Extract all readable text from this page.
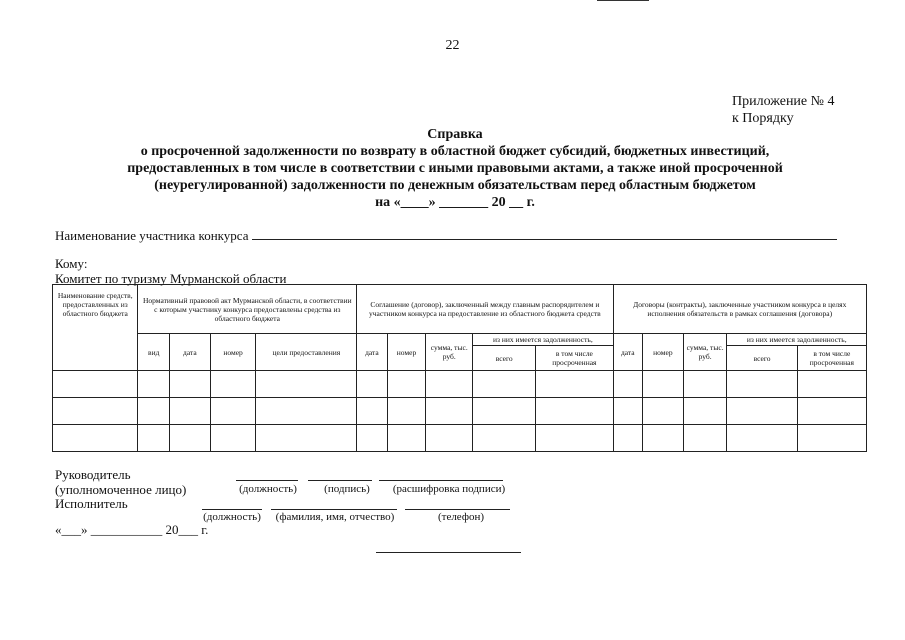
22
Приложение № 4
к Порядку
Справка
о просроченной задолженности по возврату в областной бюджет субсидий, бюджетных инвестиций,
предоставленных в том числе в соответствии с иными правовыми актами, а также иной просроченной
(неурегулированной) задолженности по денежным обязательствам перед областным бюджетом
на «____» _______ 20 __ г.
Наименование участника конкурса
Кому:
Комитет по туризму Мурманской области
Наименование средств, предоставленных из областного бюджета	Нормативный правовой акт Мурманской области, в соответствии с которым участнику конкурса предоставлены средства из областного бюджета				Соглашение (договор), заключенный между главным распорядителем и участником конкурса на предоставление из областного бюджета средств					Договоры (контракты), заключенные участником конкурса в целях исполнения обязательств в рамках соглашения (договора)				
	вид	дата	номер	цели предоставления	дата	номер	сумма, тыс. руб.	из них имеется задолженность,		дата	номер	сумма, тыс. руб.	из них имеется задолженность,	
								всего	в том числе просроченная				всего	в том числе просроченная

Руководитель
(уполномоченное лицо)	(должность)	(подпись)	(расшифровка подписи)
Исполнитель
(должность)	(фамилия, имя, отчество)	(телефон)
«___» ___________ 20___ г.
